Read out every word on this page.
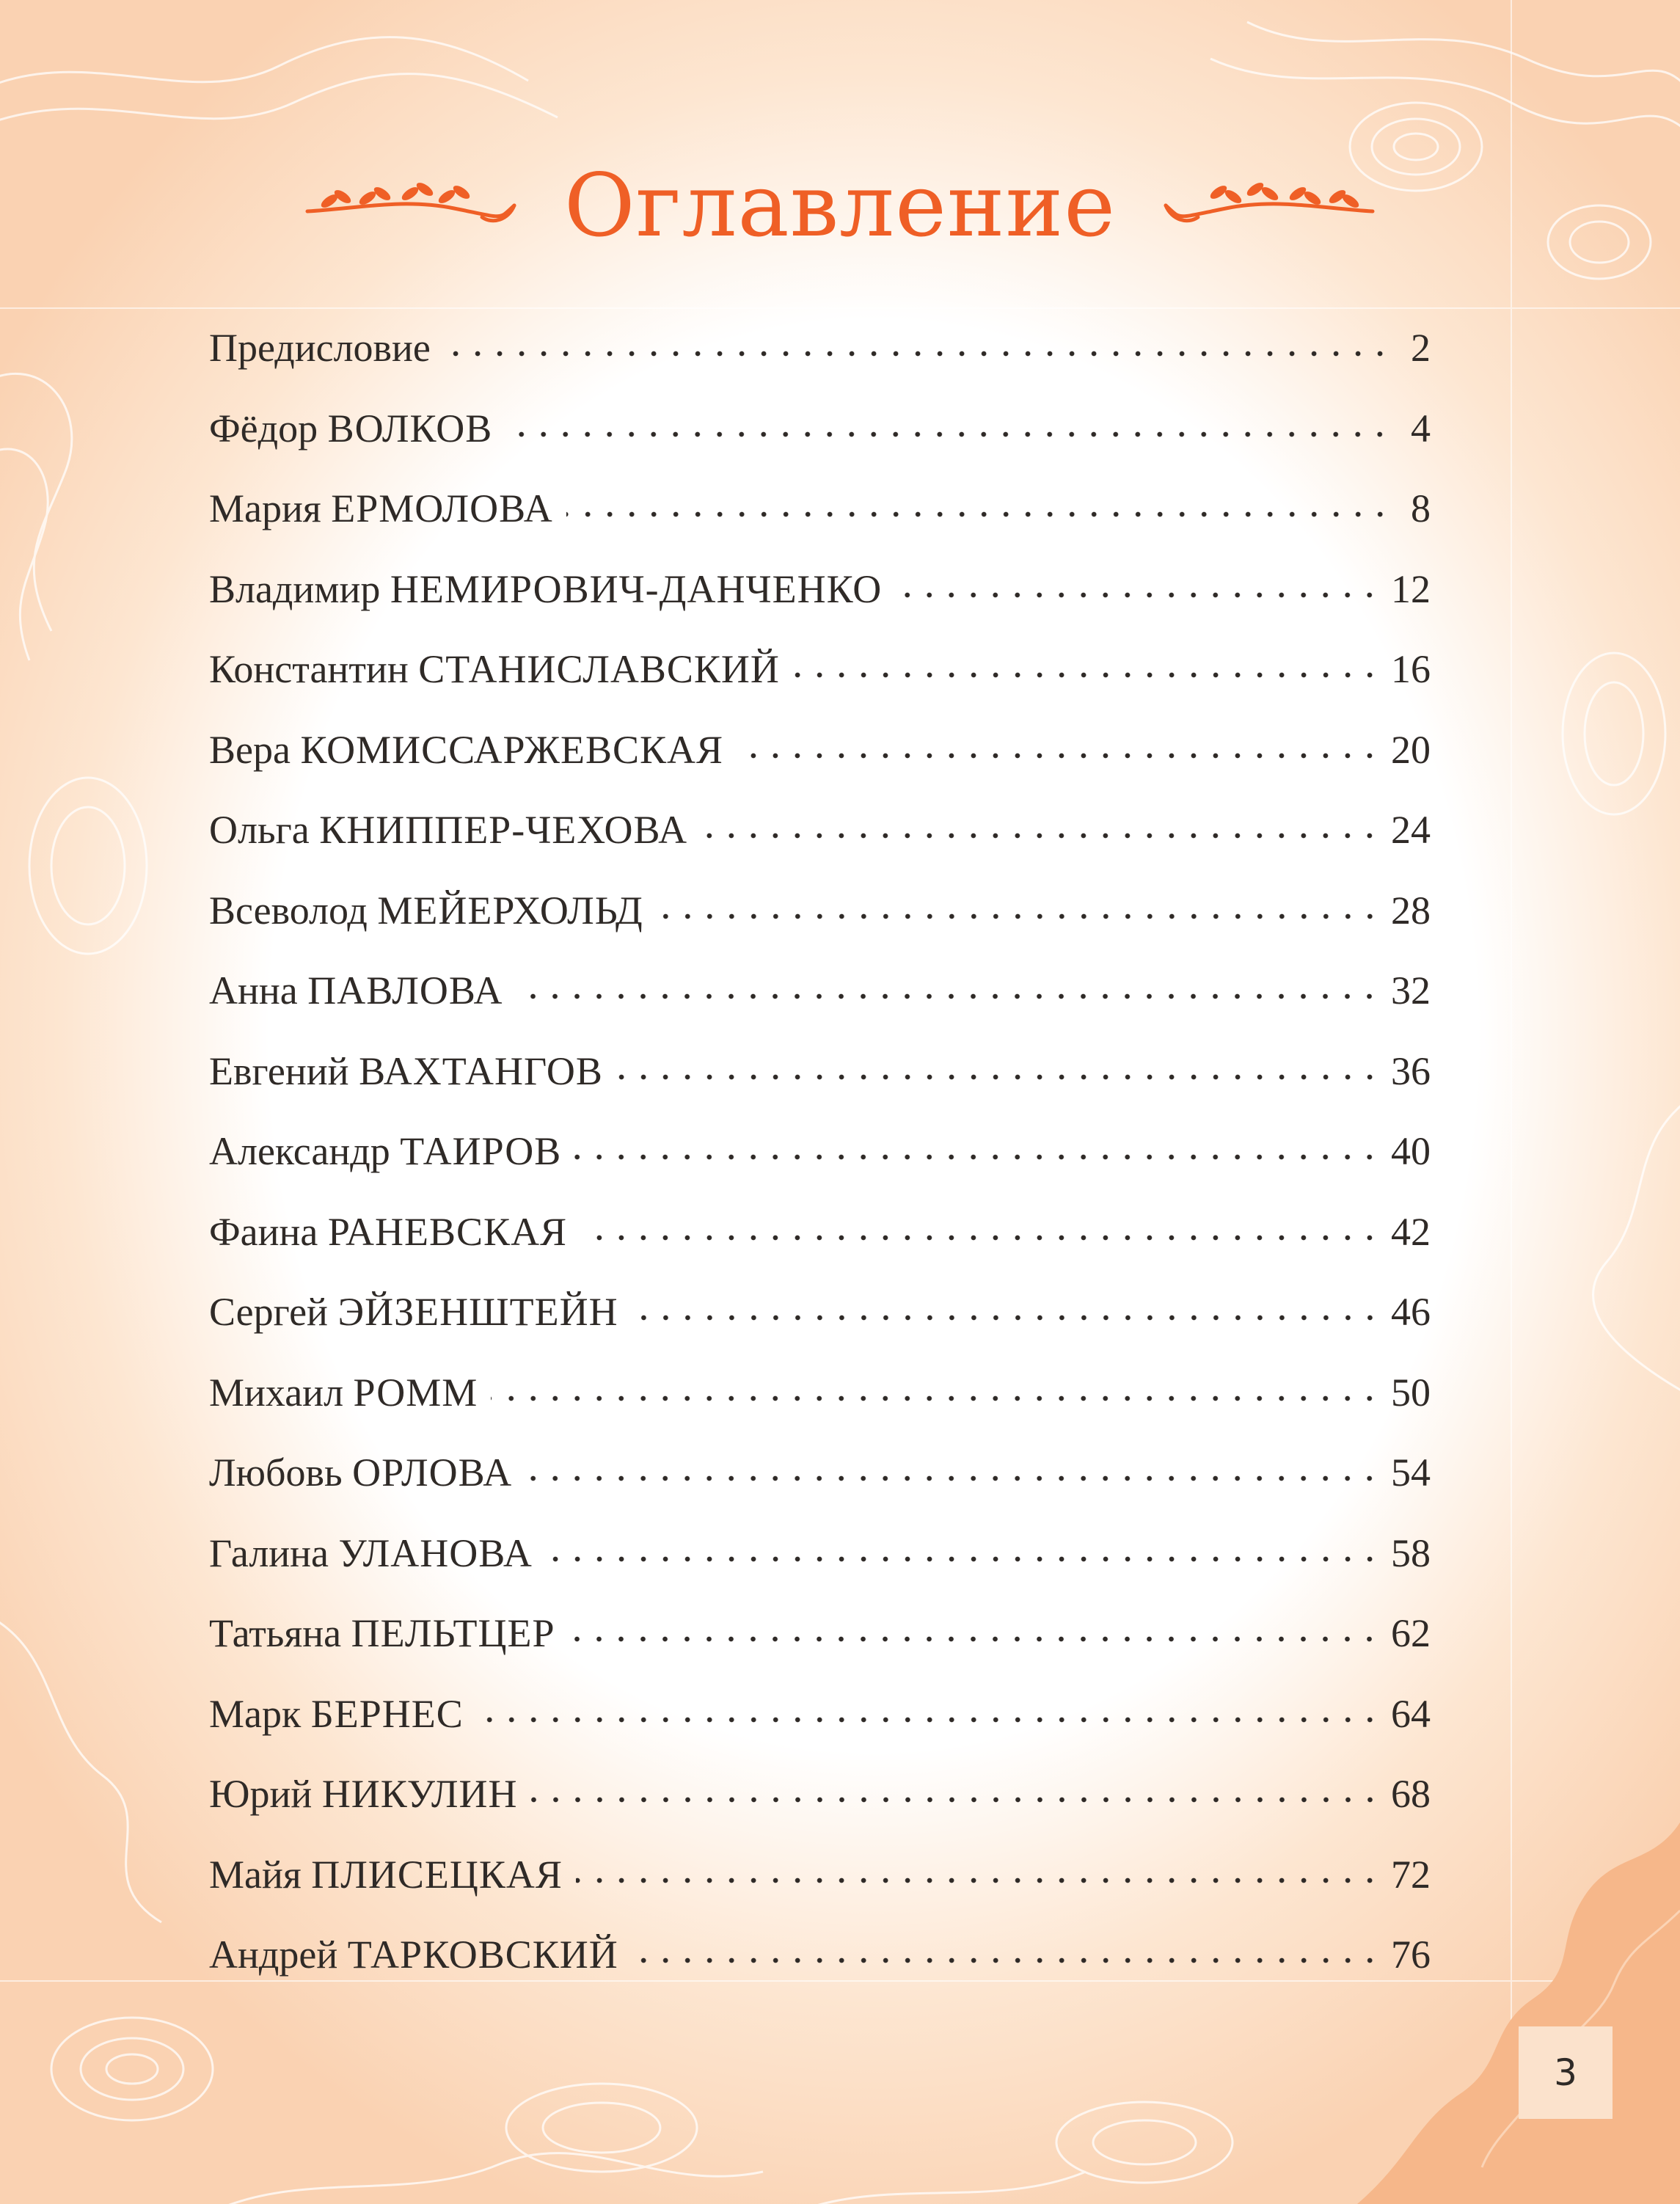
Оглавление
Предисловие	2
Фёдор ВОЛКОВ	4
Мария ЕРМОЛОВА	8
Владимир НЕМИРОВИЧ-ДАНЧЕНКО	12
Константин СТАНИСЛАВСКИЙ	16
Вера КОМИССАРЖЕВСКАЯ	20
Ольга КНИППЕР-ЧЕХОВА	24
Всеволод МЕЙЕРХОЛЬД	28
Анна ПАВЛОВА	32
Евгений ВАХТАНГОВ	36
Александр ТАИРОВ	40
Фаина РАНЕВСКАЯ	42
Сергей ЭЙЗЕНШТЕЙН	46
Михаил РОММ	50
Любовь ОРЛОВА	54
Галина УЛАНОВА	58
Татьяна ПЕЛЬТЦЕР	62
Марк БЕРНЕС	64
Юрий НИКУЛИН	68
Майя ПЛИСЕЦКАЯ	72
Андрей ТАРКОВСКИЙ	76
3
